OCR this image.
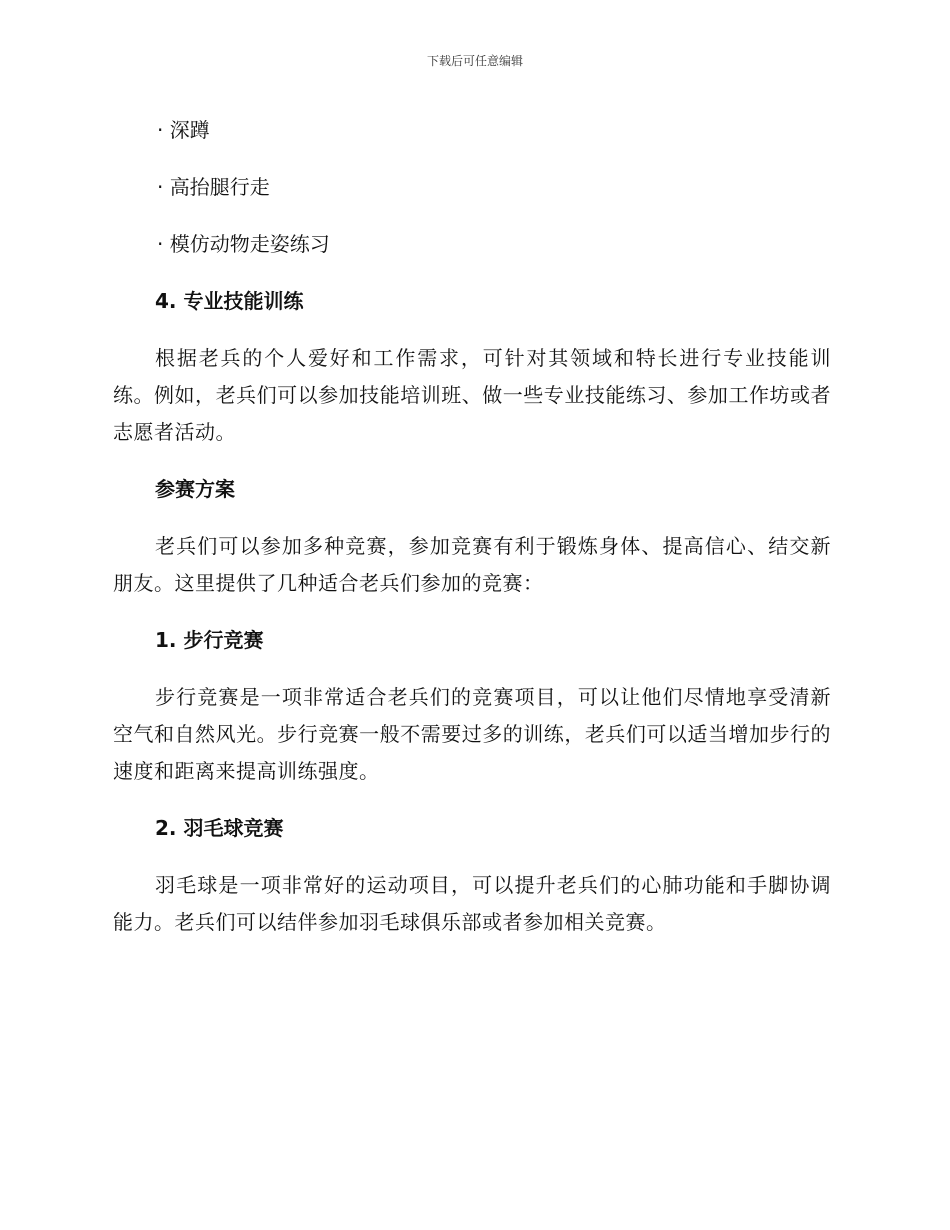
下载后可任意编辑
· 深蹲
· 高抬腿行走
· 模仿动物走姿练习
4. 专业技能训练

根据老兵的个人爱好和工作需求，可针对其领域和特长进行专业技能训练。例如，老兵们可以参加技能培训班、做一些专业技能练习、参加工作坊或者志愿者活动。

参赛方案

老兵们可以参加多种竞赛，参加竞赛有利于锻炼身体、提高信心、结交新朋友。这里提供了几种适合老兵们参加的竞赛：

1. 步行竞赛

步行竞赛是一项非常适合老兵们的竞赛项目，可以让他们尽情地享受清新空气和自然风光。步行竞赛一般不需要过多的训练，老兵们可以适当增加步行的速度和距离来提高训练强度。

2. 羽毛球竞赛

羽毛球是一项非常好的运动项目，可以提升老兵们的心肺功能和手脚协调能力。老兵们可以结伴参加羽毛球俱乐部或者参加相关竞赛。
